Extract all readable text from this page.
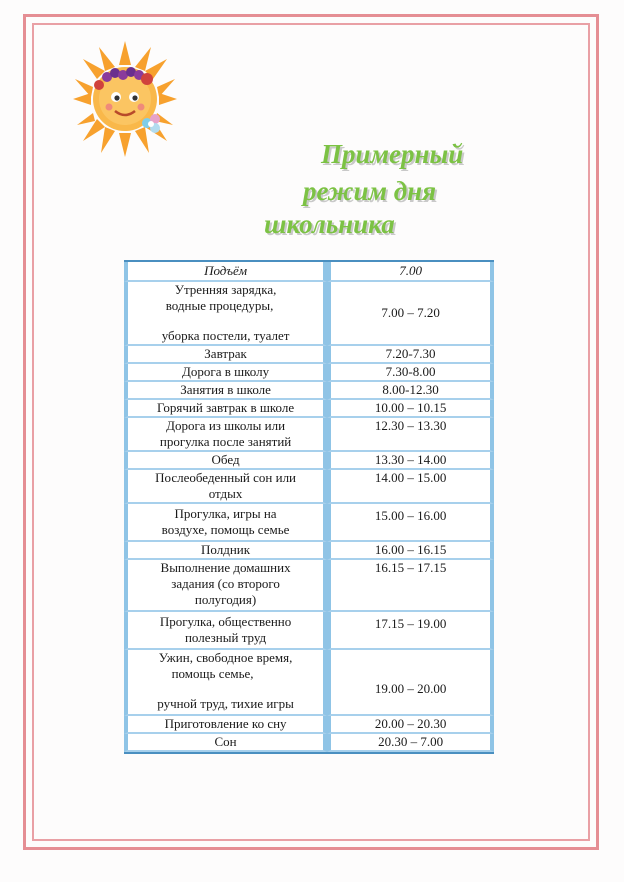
Примерный
режим дня
школьника
Подъём	7.00

Утренняя зарядка,
водные процедуры,
уборка постели, туалет	7.00 – 7.20
Завтрак	7.20-7.30
Дорога в школу	7.30-8.00
Занятия в школе	8.00-12.30
Горячий завтрак в школе	10.00 – 10.15

Дорога из школы или
прогулка после занятий	12.30 – 13.30
Обед	13.30 – 14.00

Послеобеденный сон или
отдых	14.00 – 15.00

Прогулка, игры на
воздухе, помощь семье	15.00 – 16.00
Полдник	16.00 – 16.15

Выполнение домашних
задания (со второго
полугодия)	16.15 – 17.15

Прогулка, общественно
полезный труд	17.15 – 19.00

Ужин, свободное время,
помощь семье,
ручной труд, тихие игры	19.00 – 20.00
Приготовление ко сну	20.00 – 20.30
Сон	20.30 – 7.00
